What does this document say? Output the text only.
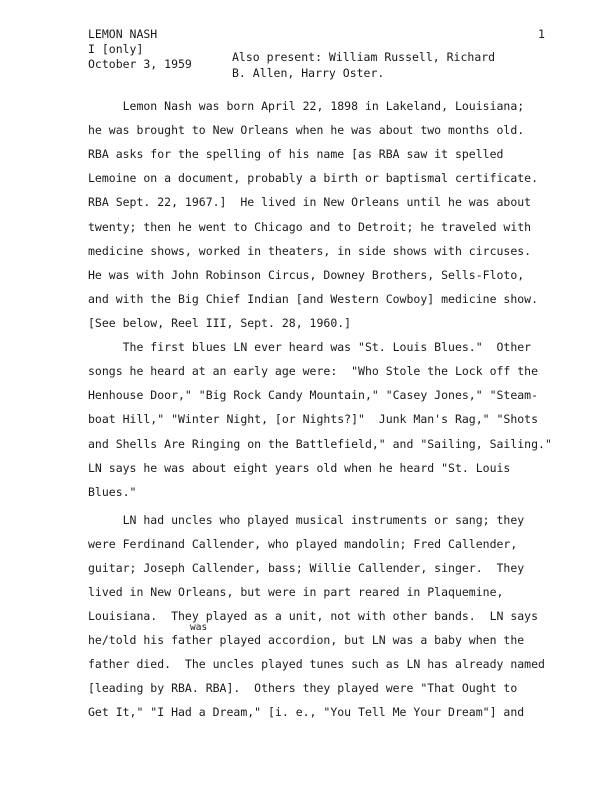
LEMON NASH
I [only]
October 3, 1959
1
Also present: William Russell, Richard
B. Allen, Harry Oster.
Lemon Nash was born April 22, 1898 in Lakeland, Louisiana;
he was brought to New Orleans when he was about two months old.
RBA asks for the spelling of his name [as RBA saw it spelled
Lemoine on a document, probably a birth or baptismal certificate.
RBA Sept. 22, 1967.]  He lived in New Orleans until he was about
twenty; then he went to Chicago and to Detroit; he traveled with
medicine shows, worked in theaters, in side shows with circuses.
He was with John Robinson Circus, Downey Brothers, Sells-Floto,
and with the Big Chief Indian [and Western Cowboy] medicine show.
[See below, Reel III, Sept. 28, 1960.]
The first blues LN ever heard was "St. Louis Blues."  Other
songs he heard at an early age were:  "Who Stole the Lock off the
Henhouse Door," "Big Rock Candy Mountain," "Casey Jones," "Steam-
boat Hill," "Winter Night, [or Nights?]"  Junk Man's Rag," "Shots
and Shells Are Ringing on the Battlefield," and "Sailing, Sailing."
LN says he was about eight years old when he heard "St. Louis
Blues."
LN had uncles who played musical instruments or sang; they
were Ferdinand Callender, who played mandolin; Fred Callender,
guitar; Joseph Callender, bass; Willie Callender, singer.  They
lived in New Orleans, but were in part reared in Plaquemine,
Louisiana.  They played as a unit, not with other bands.  LN says
was
he/told his father played accordion, but LN was a baby when the
father died.  The uncles played tunes such as LN has already named
[leading by RBA. RBA].  Others they played were "That Ought to
Get It," "I Had a Dream," [i. e., "You Tell Me Your Dream"] and
